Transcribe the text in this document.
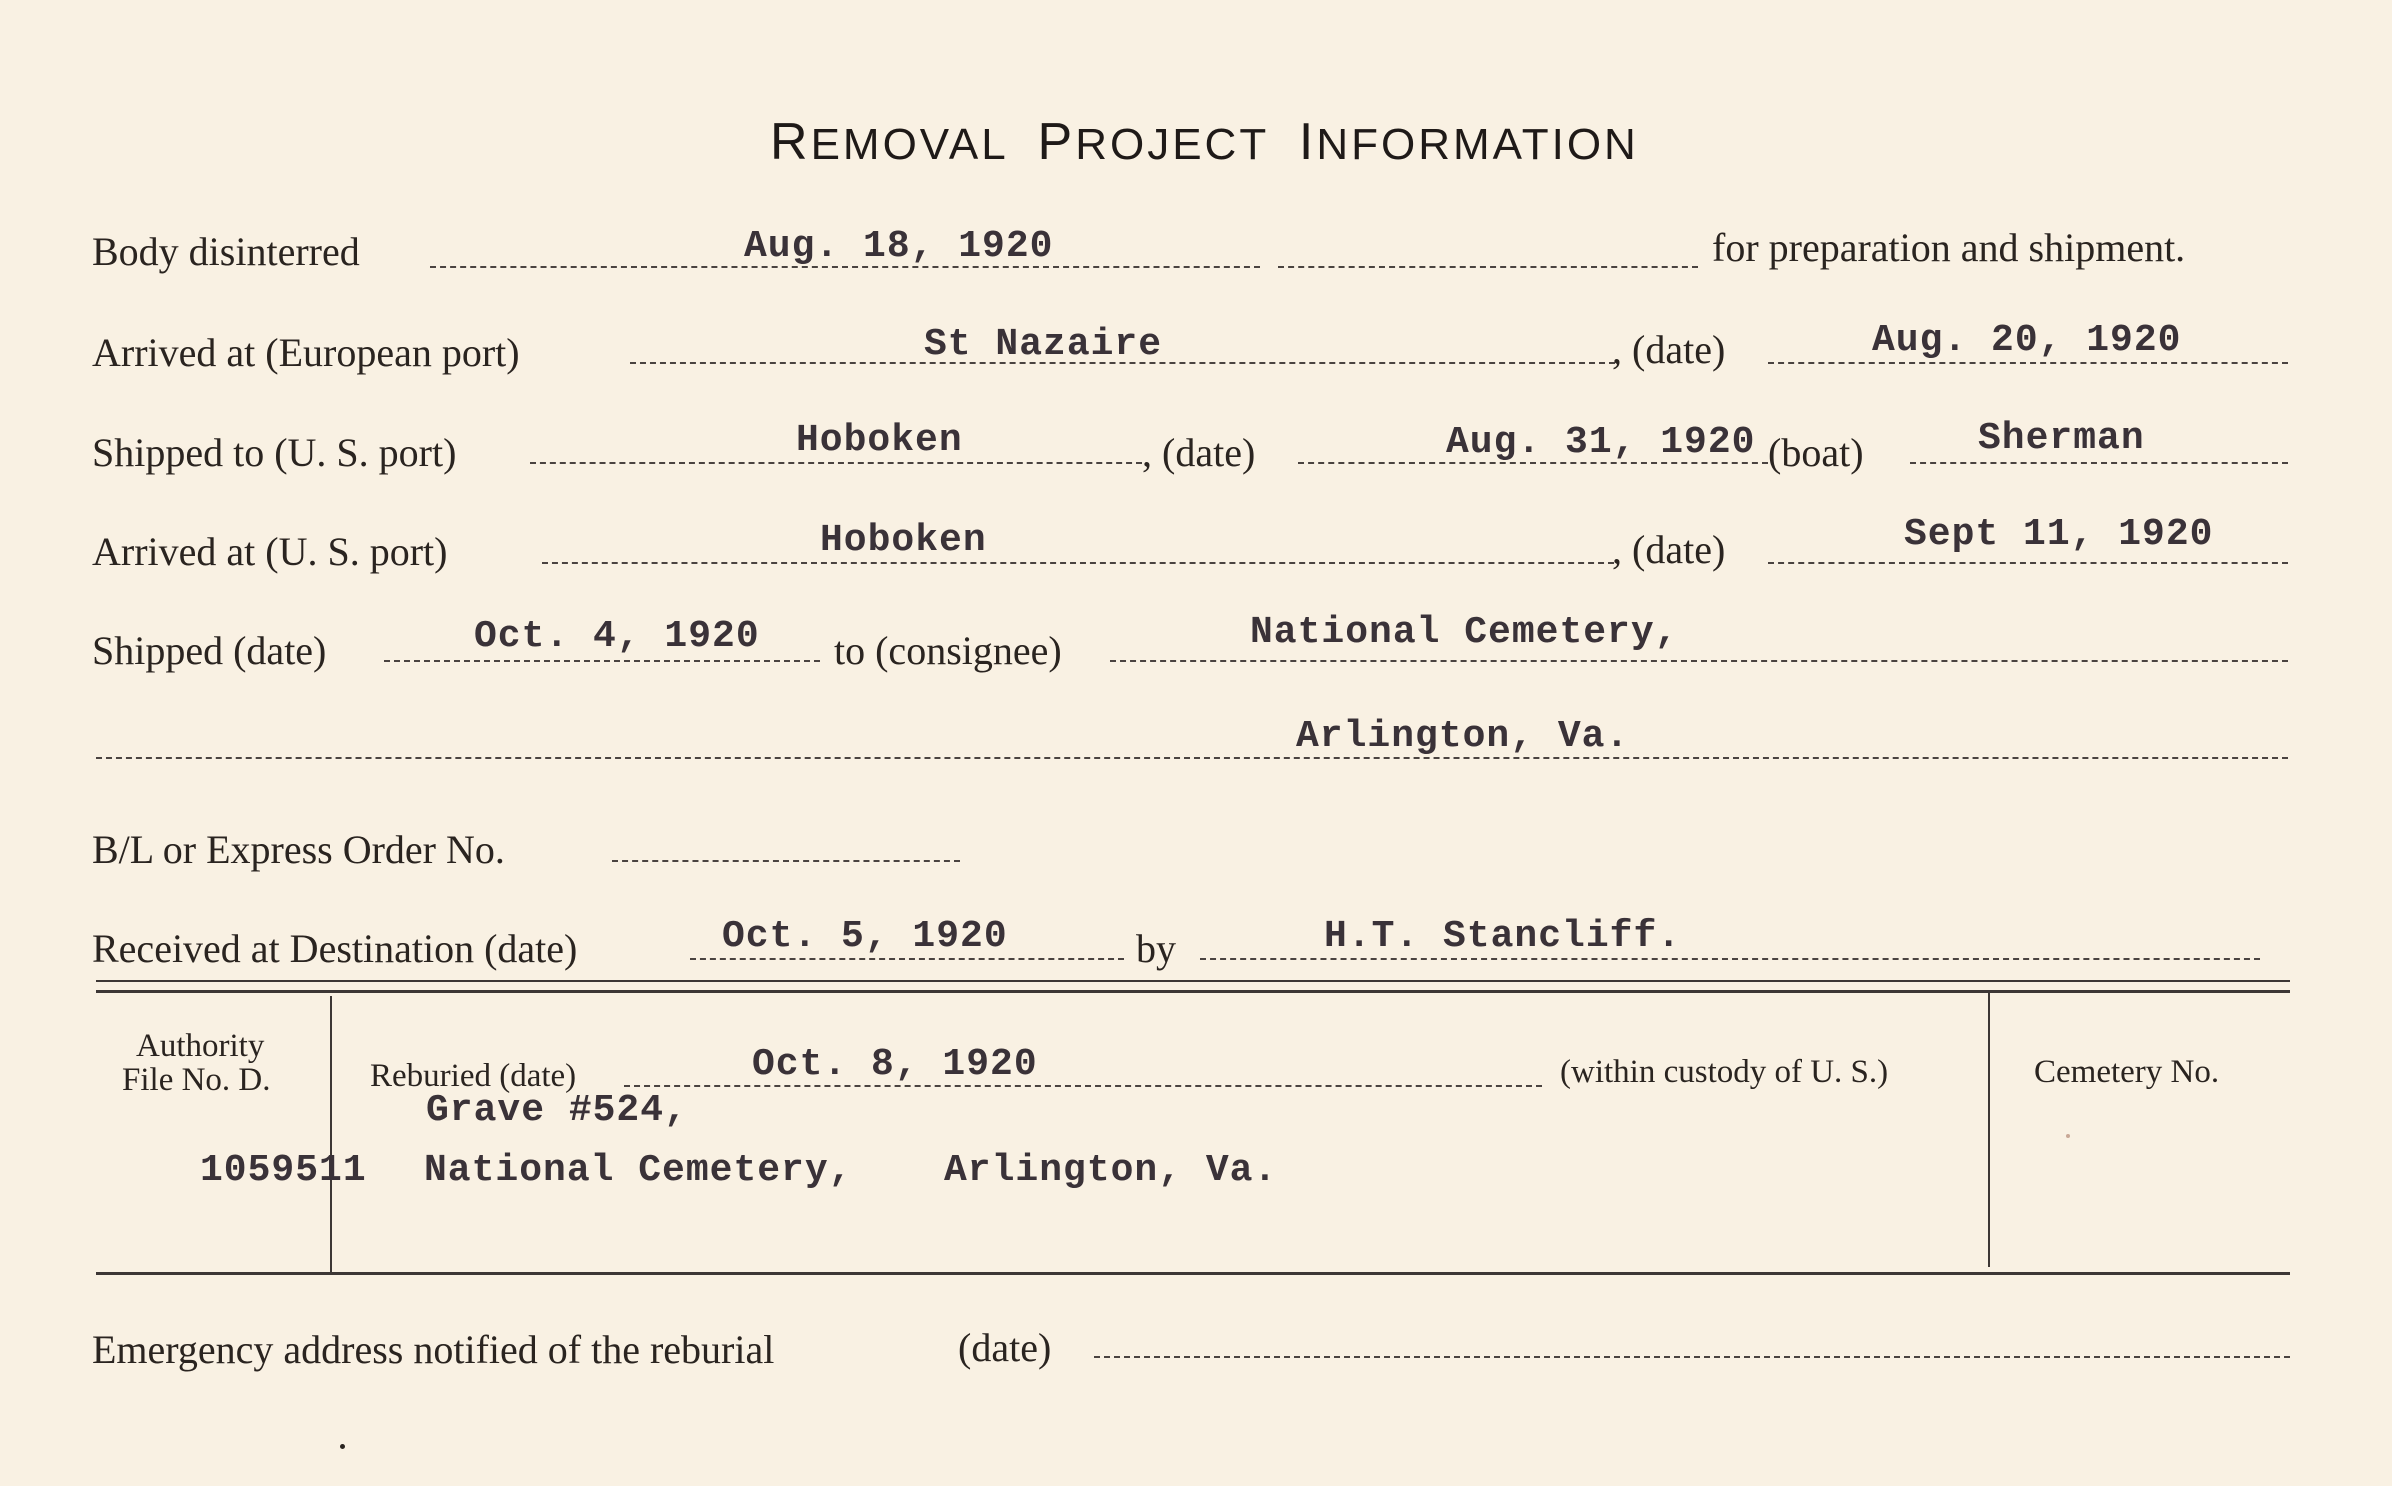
REMOVAL PROJECT INFORMATION
Body disinterred	Aug. 18, 1920	for preparation and shipment.
Arrived at (European port)	St Nazaire	, (date)	Aug. 20, 1920
Shipped to (U. S. port)	Hoboken	, (date)	Aug. 31, 1920 (boat)	Sherman
Arrived at (U. S. port)	Hoboken	, (date)	Sept 11, 1920
Shipped (date)	Oct. 4, 1920 to (consignee)	National Cemetery,
Arlington, Va.
B/L or Express Order No.
Received at Destination (date)	Oct. 5, 1920	by	H.T. Stancliff.
Authority
File No. D.
1059511
Reburied (date)	Oct. 8, 1920	(within custody of U. S.)
Grave #524,
National Cemetery, Arlington, Va.
Cemetery No.
Emergency address notified of the reburial	(date)
